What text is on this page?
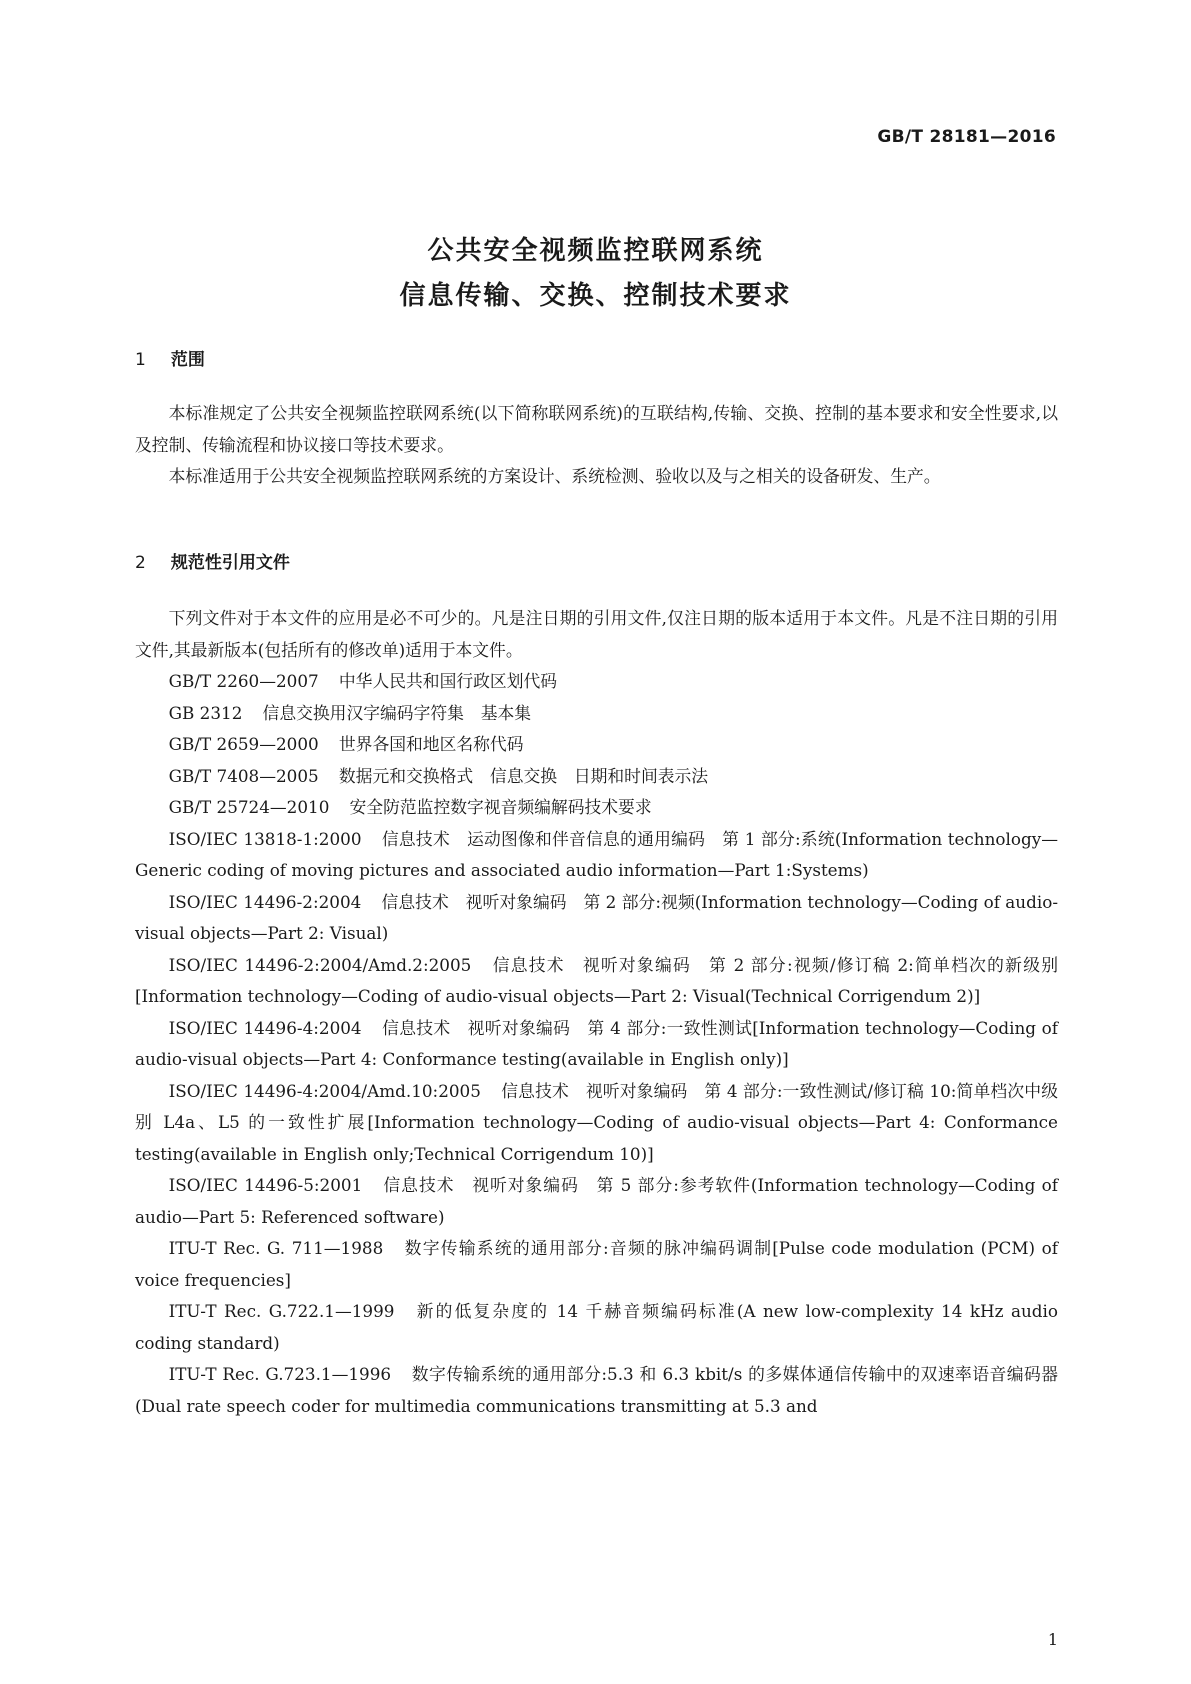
GB/T 28181—2016
公共安全视频监控联网系统
信息传输、交换、控制技术要求
1 范围

本标准规定了公共安全视频监控联网系统(以下简称联网系统)的互联结构,传输、交换、控制的基本要求和安全性要求,以及控制、传输流程和协议接口等技术要求。

本标准适用于公共安全视频监控联网系统的方案设计、系统检测、验收以及与之相关的设备研发、生产。

2 规范性引用文件

下列文件对于本文件的应用是必不可少的。凡是注日期的引用文件,仅注日期的版本适用于本文件。凡是不注日期的引用文件,其最新版本(包括所有的修改单)适用于本文件。

GB/T 2260—2007 中华人民共和国行政区划代码

GB 2312 信息交换用汉字编码字符集　基本集

GB/T 2659—2000 世界各国和地区名称代码

GB/T 7408—2005 数据元和交换格式　信息交换　日期和时间表示法

GB/T 25724—2010 安全防范监控数字视音频编解码技术要求

ISO/IEC 13818-1:2000 信息技术　运动图像和伴音信息的通用编码　第 1 部分:系统(Information technology—Generic coding of moving pictures and associated audio information—Part 1:Systems)

ISO/IEC 14496-2:2004 信息技术　视听对象编码　第 2 部分:视频(Information technology—Coding of audio-visual objects—Part 2: Visual)

ISO/IEC 14496-2:2004/Amd.2:2005 信息技术　视听对象编码　第 2 部分:视频/修订稿 2:简单档次的新级别[Information technology—Coding of audio-visual objects—Part 2: Visual(Technical Corrigendum 2)]

ISO/IEC 14496-4:2004 信息技术　视听对象编码　第 4 部分:一致性测试[Information technology—Coding of audio-visual objects—Part 4: Conformance testing(available in English only)]

ISO/IEC 14496-4:2004/Amd.10:2005 信息技术　视听对象编码　第 4 部分:一致性测试/修订稿 10:简单档次中级别 L4a、L5 的一致性扩展[Information technology—Coding of audio-visual objects—Part 4: Conformance testing(available in English only;Technical Corrigendum 10)]

ISO/IEC 14496-5:2001 信息技术　视听对象编码　第 5 部分:参考软件(Information technology—Coding of audio—Part 5: Referenced software)

ITU-T Rec. G. 711—1988 数字传输系统的通用部分:音频的脉冲编码调制[Pulse code modulation (PCM) of voice frequencies]

ITU-T Rec. G.722.1—1999 新的低复杂度的 14 千赫音频编码标准(A new low-complexity 14 kHz audio coding standard)

ITU-T Rec. G.723.1—1996 数字传输系统的通用部分:5.3 和 6.3 kbit/s 的多媒体通信传输中的双速率语音编码器(Dual rate speech coder for multimedia communications transmitting at 5.3 and

1
